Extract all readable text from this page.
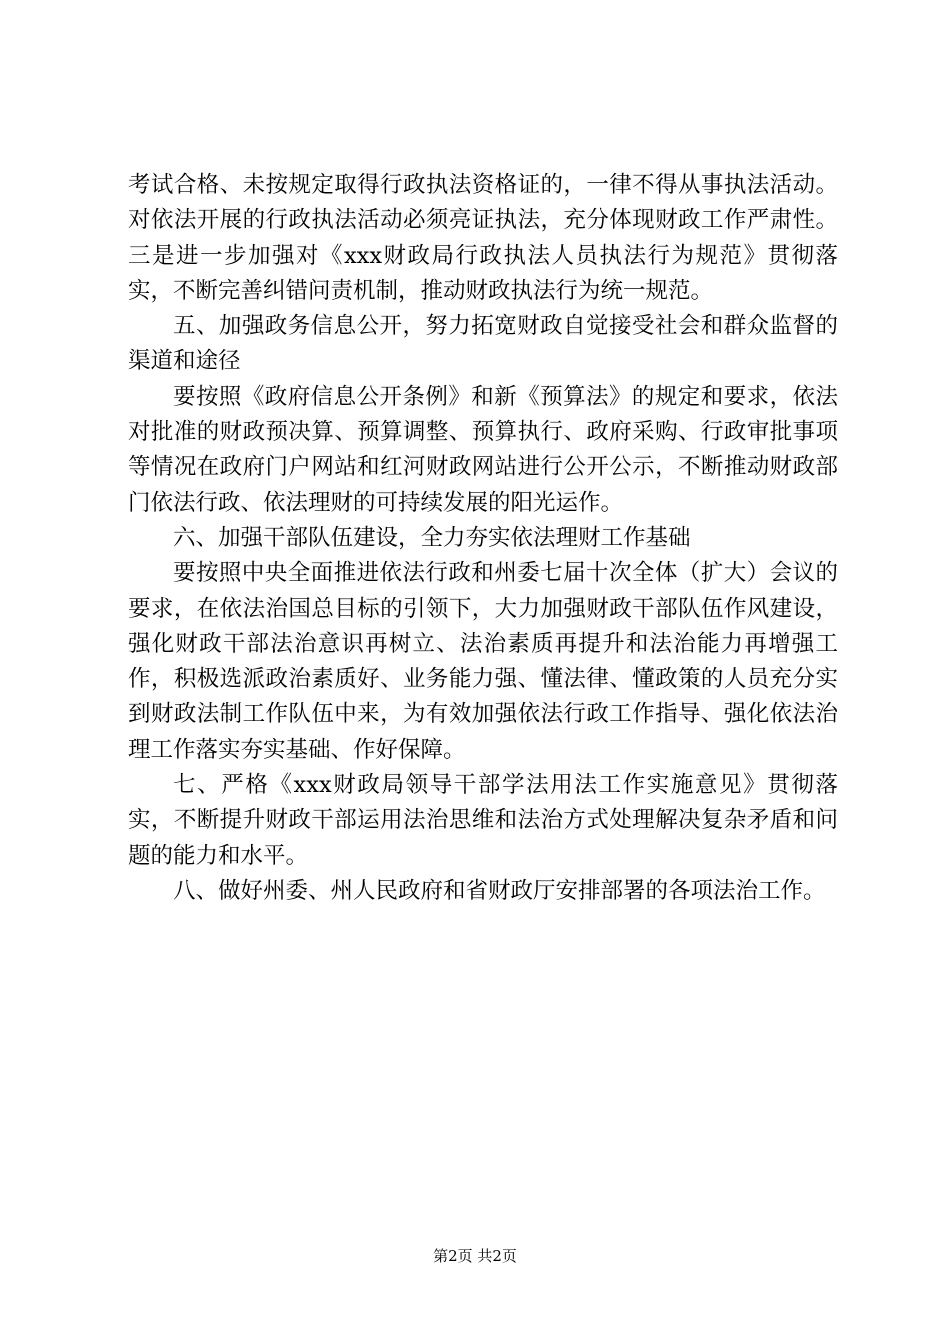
考试合格、未按规定取得行政执法资格证的，一律不得从事执法活动。对依法开展的行政执法活动必须亮证执法，充分体现财政工作严肃性。三是进一步加强对《xxx财政局行政执法人员执法行为规范》贯彻落实，不断完善纠错问责机制，推动财政执法行为统一规范。

五、加强政务信息公开，努力拓宽财政自觉接受社会和群众监督的渠道和途径

要按照《政府信息公开条例》和新《预算法》的规定和要求，依法对批准的财政预决算、预算调整、预算执行、政府采购、行政审批事项等情况在政府门户网站和红河财政网站进行公开公示，不断推动财政部门依法行政、依法理财的可持续发展的阳光运作。

六、加强干部队伍建设，全力夯实依法理财工作基础

要按照中央全面推进依法行政和州委七届十次全体（扩大）会议的要求，在依法治国总目标的引领下，大力加强财政干部队伍作风建设，强化财政干部法治意识再树立、法治素质再提升和法治能力再增强工作，积极选派政治素质好、业务能力强、懂法律、懂政策的人员充分实到财政法制工作队伍中来，为有效加强依法行政工作指导、强化依法治理工作落实夯实基础、作好保障。

七、严格《xxx财政局领导干部学法用法工作实施意见》贯彻落实，不断提升财政干部运用法治思维和法治方式处理解决复杂矛盾和问题的能力和水平。

八、做好州委、州人民政府和省财政厅安排部署的各项法治工作。

第2页 共2页
